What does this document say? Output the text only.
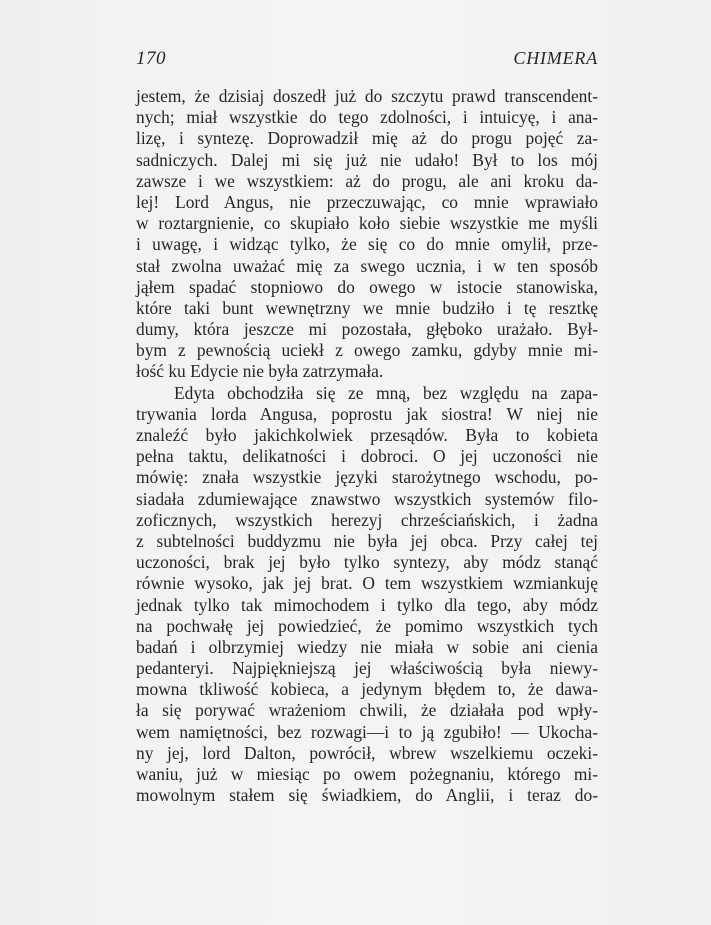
170	CHIMERA
jestem, że dzisiaj doszedł już do szczytu prawd transcendent-
nych; miał wszystkie do tego zdolności, i intuicyę, i ana-
lizę, i syntezę. Doprowadził mię aż do progu pojęć za-
sadniczych. Dalej mi się już nie udało! Był to los mój
zawsze i we wszystkiem: aż do progu, ale ani kroku da-
lej! Lord Angus, nie przeczuwając, co mnie wprawiało
w roztargnienie, co skupiało koło siebie wszystkie me myśli
i uwagę, i widząc tylko, że się co do mnie omylił, prze-
stał zwolna uważać mię za swego ucznia, i w ten sposób
jąłem spadać stopniowo do owego w istocie stanowiska,
które taki bunt wewnętrzny we mnie budziło i tę resztkę
dumy, która jeszcze mi pozostała, głęboko urażało. Był-
bym z pewnością uciekł z owego zamku, gdyby mnie mi-
łość ku Edycie nie była zatrzymała.
Edyta obchodziła się ze mną, bez względu na zapa-
trywania lorda Angusa, poprostu jak siostra! W niej nie
znaleźć było jakichkolwiek przesądów. Była to kobieta
pełna taktu, delikatności i dobroci. O jej uczoności nie
mówię: znała wszystkie języki starożytnego wschodu, po-
siadała zdumiewające znawstwo wszystkich systemów filo-
zoficznych, wszystkich herezyj chrześciańskich, i żadna
z subtelności buddyzmu nie była jej obca. Przy całej tej
uczoności, brak jej było tylko syntezy, aby módz stanąć
równie wysoko, jak jej brat. O tem wszystkiem wzmiankuję
jednak tylko tak mimochodem i tylko dla tego, aby módz
na pochwałę jej powiedzieć, że pomimo wszystkich tych
badań i olbrzymiej wiedzy nie miała w sobie ani cienia
pedanteryi. Najpiękniejszą jej właściwością była niewy-
mowna tkliwość kobieca, a jedynym błędem to, że dawa-
ła się porywać wrażeniom chwili, że działała pod wpły-
wem namiętności, bez rozwagi—i to ją zgubiło! — Ukocha-
ny jej, lord Dalton, powrócił, wbrew wszelkiemu oczeki-
waniu, już w miesiąc po owem pożegnaniu, którego mi-
mowolnym stałem się świadkiem, do Anglii, i teraz do-
